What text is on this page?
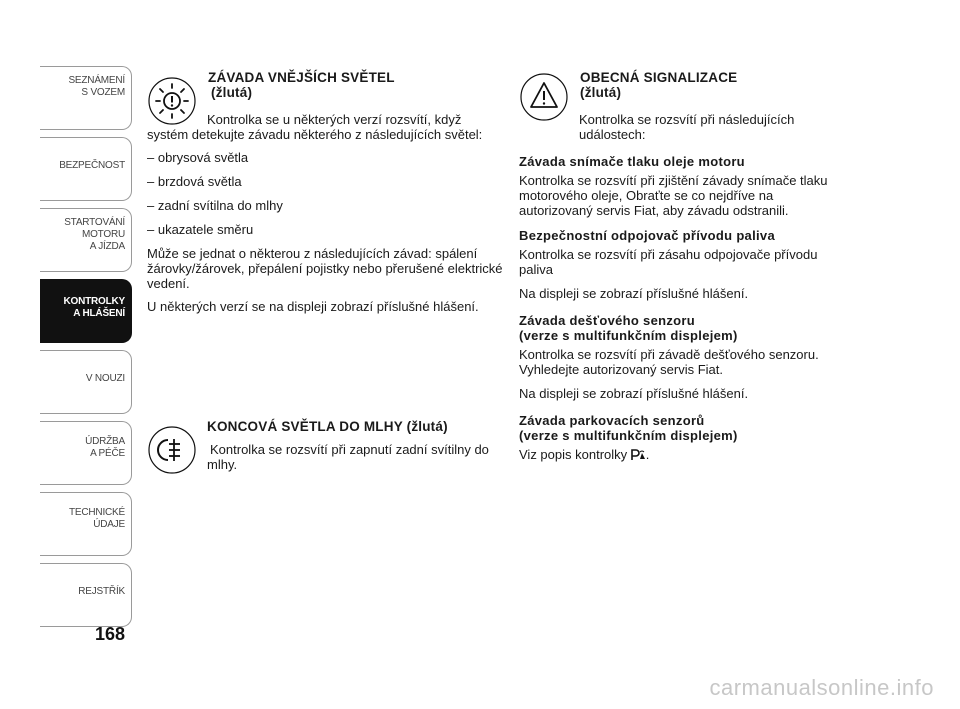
SEZNÁMENÍ
S VOZEM
BEZPEČNOST
STARTOVÁNÍ
MOTORU
A JÍZDA
KONTROLKY
A HLÁŠENÍ
V NOUZI
ÚDRŽBA
A PÉČE
TECHNICKÉ
ÚDAJE
REJSTŘÍK
168
ZÁVADA VNĚJŠÍCH SVĚTEL
(žlutá)

Kontrolka se u některých verzí rozsvítí, když systém detekujte závadu některého z následujících světel:

– obrysová světla

– brzdová světla

– zadní svítilna do mlhy

– ukazatele směru

Může se jednat o některou z následujících závad: spálení žárovky/žárovek, přepálení pojistky nebo přerušené elektrické vedení.

U některých verzí se na displeji zobrazí příslušné hlášení.

KONCOVÁ SVĚTLA DO MLHY (žlutá)

Kontrolka se rozsvítí při zapnutí zadní svítilny do mlhy.

OBECNÁ SIGNALIZACE
(žlutá)

Kontrolka se rozsvítí při následujících událostech:

Závada snímače tlaku oleje motoru

Kontrolka se rozsvítí při zjištění závady snímače tlaku motorového oleje, Obraťte se co nejdříve na autorizovaný servis Fiat, aby závadu odstranili.

Bezpečnostní odpojovač přívodu paliva

Kontrolka se rozsvítí při zásahu odpojovače přívodu paliva

Na displeji se zobrazí příslušné hlášení.

Závada dešťového senzoru
(verze s multifunkčním displejem)

Kontrolka se rozsvítí při závadě dešťového senzoru. Vyhledejte autorizovaný servis Fiat.

Na displeji se zobrazí příslušné hlášení.

Závada parkovacích senzorů
(verze s multifunkčním displejem)

Viz popis kontrolky .

carmanualsonline.info
